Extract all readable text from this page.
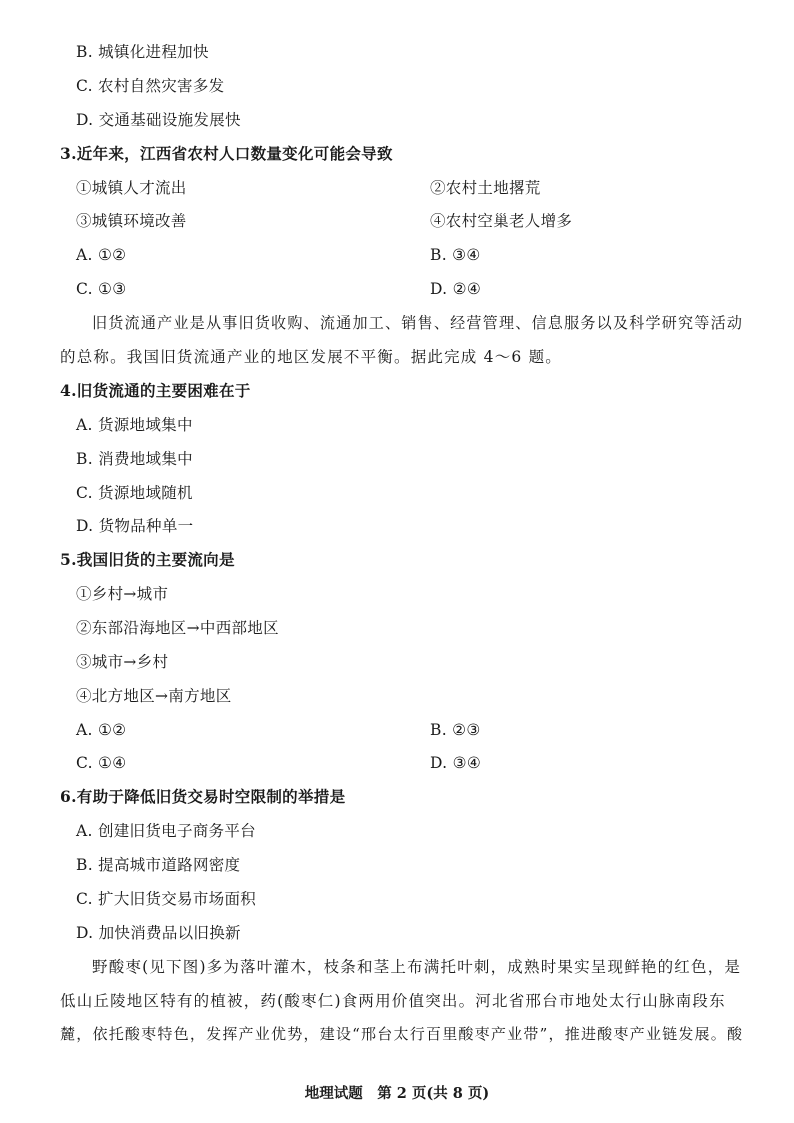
B. 城镇化进程加快
C. 农村自然灾害多发
D. 交通基础设施发展快
3.近年来，江西省农村人口数量变化可能会导致
①城镇人才流出	②农村土地撂荒
③城镇环境改善	④农村空巢老人增多
A. ①②	B. ③④
C. ①③	D. ②④
旧货流通产业是从事旧货收购、流通加工、销售、经营管理、信息服务以及科学研究等活动
的总称。我国旧货流通产业的地区发展不平衡。据此完成 4～6 题。
4.旧货流通的主要困难在于
A. 货源地域集中
B. 消费地域集中
C. 货源地域随机
D. 货物品种单一
5.我国旧货的主要流向是
①乡村→城市
②东部沿海地区→中西部地区
③城市→乡村
④北方地区→南方地区
A. ①②	B. ②③
C. ①④	D. ③④
6.有助于降低旧货交易时空限制的举措是
A. 创建旧货电子商务平台
B. 提高城市道路网密度
C. 扩大旧货交易市场面积
D. 加快消费品以旧换新
野酸枣(见下图)多为落叶灌木，枝条和茎上布满托叶刺，成熟时果实呈现鲜艳的红色，是
低山丘陵地区特有的植被，药(酸枣仁)食两用价值突出。河北省邢台市地处太行山脉南段东
麓，依托酸枣特色，发挥产业优势，建设“邢台太行百里酸枣产业带”，推进酸枣产业链发展。酸
地理试题　第 2 页(共 8 页)
